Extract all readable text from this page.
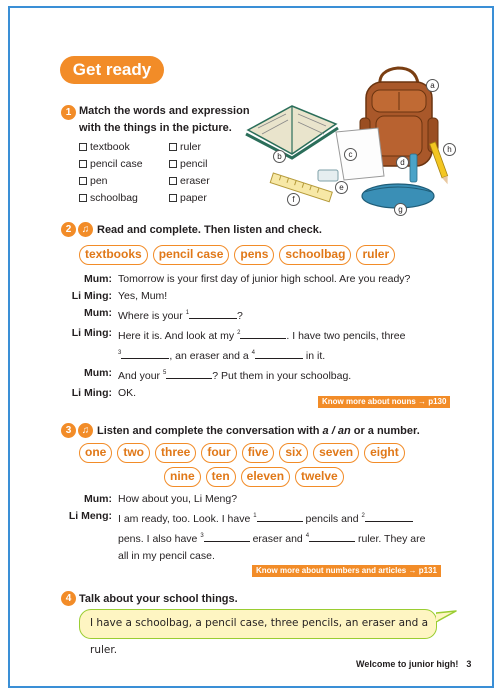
Get ready
1 Match the words and expression
with the things in the picture.
textbook	ruler
pencil case	pencil
pen	eraser
schoolbag	paper
a
b	c
d
e
f
g
h
2	♫ Read and complete. Then listen and check.
textbooks	pencil case	pens	schoolbag	ruler
Mum: Tomorrow is your first day of junior high school. Are you ready?
Li Ming: Yes, Mum!
Mum: Where is your $^1$	?
Li Ming: Here it is. And look at my $^2$	. I have two pencils, three
$^3$	, an eraser and a $^4$	in it.
Mum: And your $^5$	? Put them in your schoolbag.
Li Ming: OK.
Know more about nouns → p130
3	♫ Listen and complete the conversation with a / an or a number.
one	two	three	four	five	six	seven	eight
nine	ten	eleven	twelve
Mum: How about you, Li Meng?
Li Meng: I am ready, too. Look. I have $^1$	pencils and $^2$
pens. I also have $^3$	eraser and $^4$	ruler. They are
all in my pencil case.
Know more about numbers and articles → p131
4 Talk about your school things.
I have a schoolbag, a pencil case, three pencils, an eraser and a ruler.
Welcome to junior high! 3
